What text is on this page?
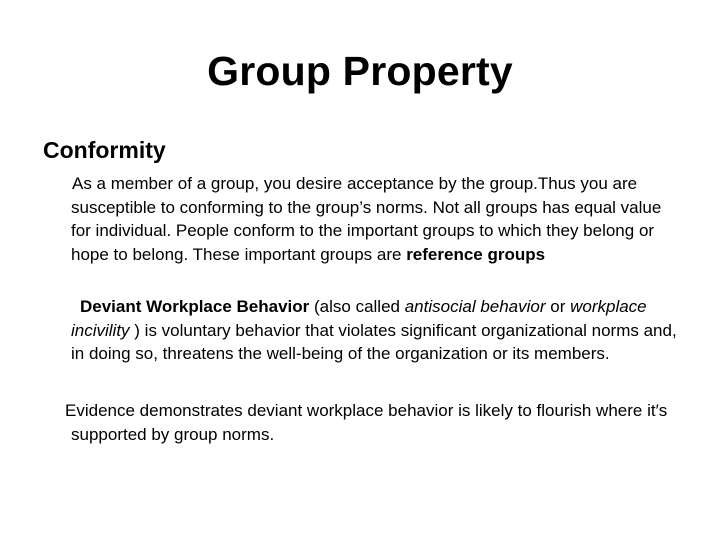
Group Property
Conformity
As a member of a group, you desire acceptance by the group.Thus you are susceptible to conforming to the group’s norms. Not all groups has equal value for individual. People conform to the important groups to which they belong or hope to belong. These important groups are reference groups
Deviant Workplace Behavior (also called antisocial behavior or workplace incivility ) is voluntary behavior that violates significant organizational norms and, in doing so, threatens the well-being of the organization or its members.
Evidence demonstrates deviant workplace behavior is likely to flourish where it′s supported by group norms.
